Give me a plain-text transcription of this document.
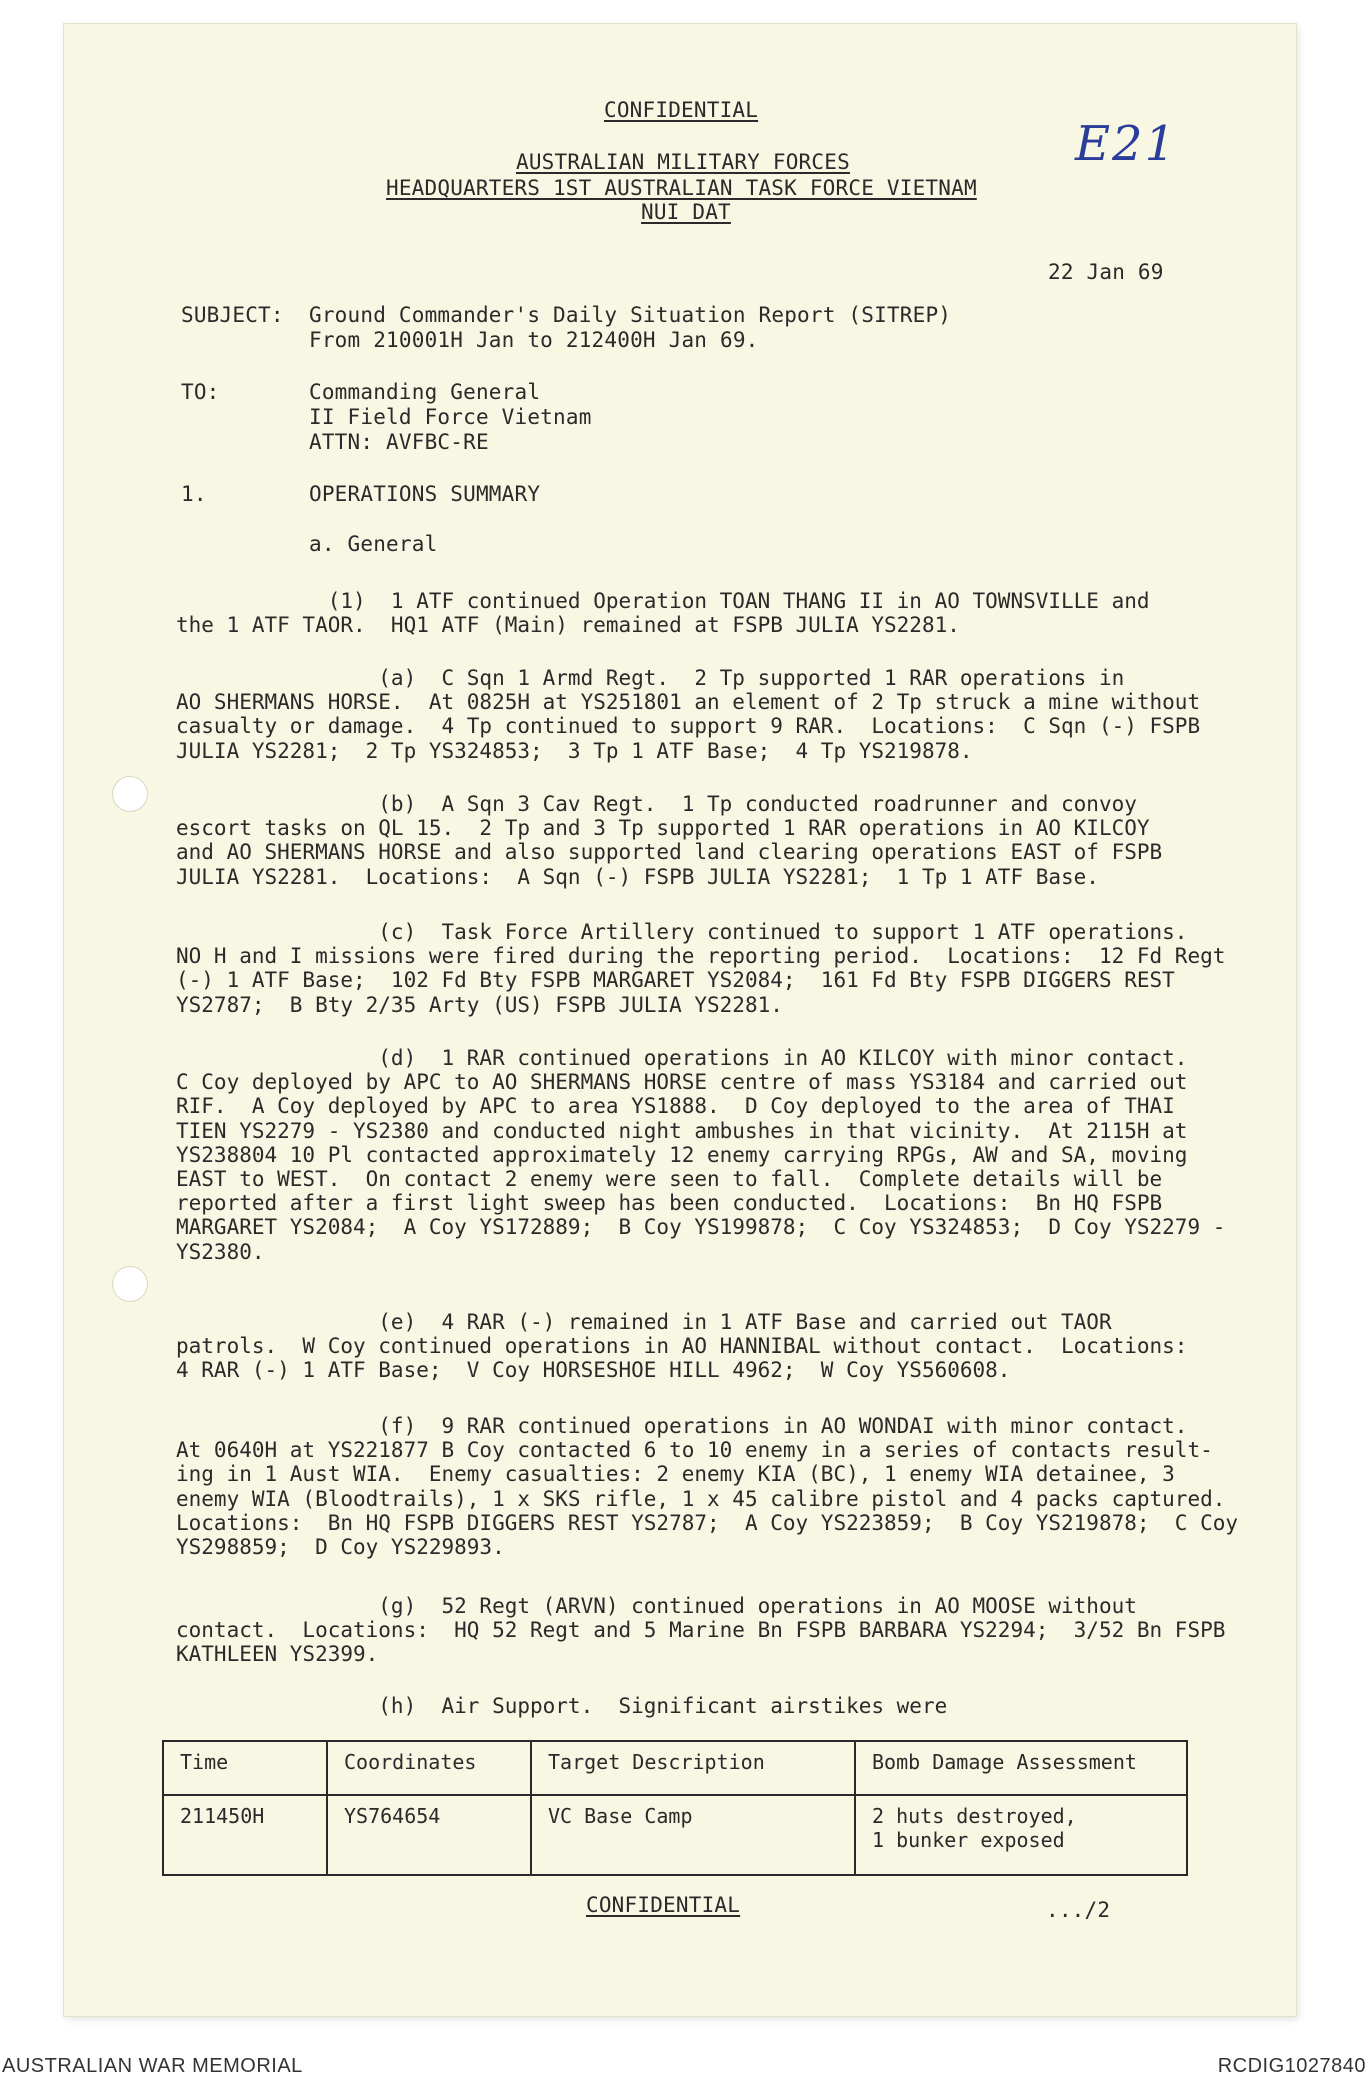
CONFIDENTIAL
AUSTRALIAN MILITARY FORCES
HEADQUARTERS 1ST AUSTRALIAN TASK FORCE VIETNAM
NUI DAT
E21
22 Jan 69
SUBJECT: Ground Commander's Daily Situation Report (SITREP)
From 210001H Jan to 212400H Jan 69.
TO:	Commanding General
II Field Force Vietnam
ATTN: AVFBC-RE
1.	OPERATIONS SUMMARY
a. General
(1)  1 ATF continued Operation TOAN THANG II in AO TOWNSVILLE and
the 1 ATF TAOR.  HQ1 ATF (Main) remained at FSPB JULIA YS2281.
(a)  C Sqn 1 Armd Regt.  2 Tp supported 1 RAR operations in
AO SHERMANS HORSE.  At 0825H at YS251801 an element of 2 Tp struck a mine without
casualty or damage.  4 Tp continued to support 9 RAR.  Locations:  C Sqn (-) FSPB
JULIA YS2281;  2 Tp YS324853;  3 Tp 1 ATF Base;  4 Tp YS219878.
(b)  A Sqn 3 Cav Regt.  1 Tp conducted roadrunner and convoy
escort tasks on QL 15.  2 Tp and 3 Tp supported 1 RAR operations in AO KILCOY
and AO SHERMANS HORSE and also supported land clearing operations EAST of FSPB
JULIA YS2281.  Locations:  A Sqn (-) FSPB JULIA YS2281;  1 Tp 1 ATF Base.
(c)  Task Force Artillery continued to support 1 ATF operations.
NO H and I missions were fired during the reporting period.  Locations:  12 Fd Regt
(-) 1 ATF Base;  102 Fd Bty FSPB MARGARET YS2084;  161 Fd Bty FSPB DIGGERS REST
YS2787;  B Bty 2/35 Arty (US) FSPB JULIA YS2281.
(d)  1 RAR continued operations in AO KILCOY with minor contact.
C Coy deployed by APC to AO SHERMANS HORSE centre of mass YS3184 and carried out
RIF.  A Coy deployed by APC to area YS1888.  D Coy deployed to the area of THAI
TIEN YS2279 - YS2380 and conducted night ambushes in that vicinity.  At 2115H at
YS238804 10 Pl contacted approximately 12 enemy carrying RPGs, AW and SA, moving
EAST to WEST.  On contact 2 enemy were seen to fall.  Complete details will be
reported after a first light sweep has been conducted.  Locations:  Bn HQ FSPB
MARGARET YS2084;  A Coy YS172889;  B Coy YS199878;  C Coy YS324853;  D Coy YS2279 -
YS2380.
(e)  4 RAR (-) remained in 1 ATF Base and carried out TAOR
patrols.  W Coy continued operations in AO HANNIBAL without contact.  Locations:
4 RAR (-) 1 ATF Base;  V Coy HORSESHOE HILL 4962;  W Coy YS560608.
(f)  9 RAR continued operations in AO WONDAI with minor contact.
At 0640H at YS221877 B Coy contacted 6 to 10 enemy in a series of contacts result-
ing in 1 Aust WIA.  Enemy casualties: 2 enemy KIA (BC), 1 enemy WIA detainee, 3
enemy WIA (Bloodtrails), 1 x SKS rifle, 1 x 45 calibre pistol and 4 packs captured.
Locations:  Bn HQ FSPB DIGGERS REST YS2787;  A Coy YS223859;  B Coy YS219878;  C Coy
YS298859;  D Coy YS229893.
(g)  52 Regt (ARVN) continued operations in AO MOOSE without
contact.  Locations:  HQ 52 Regt and 5 Marine Bn FSPB BARBARA YS2294;  3/52 Bn FSPB
KATHLEEN YS2399.
(h)  Air Support.  Significant airstikes were
Time	Coordinates	Target Description	Bomb Damage Assessment
211450H	YS764654	VC Base Camp	2 huts destroyed,
1 bunker exposed
CONFIDENTIAL	.../2
AUSTRALIAN WAR MEMORIAL	RCDIG1027840
